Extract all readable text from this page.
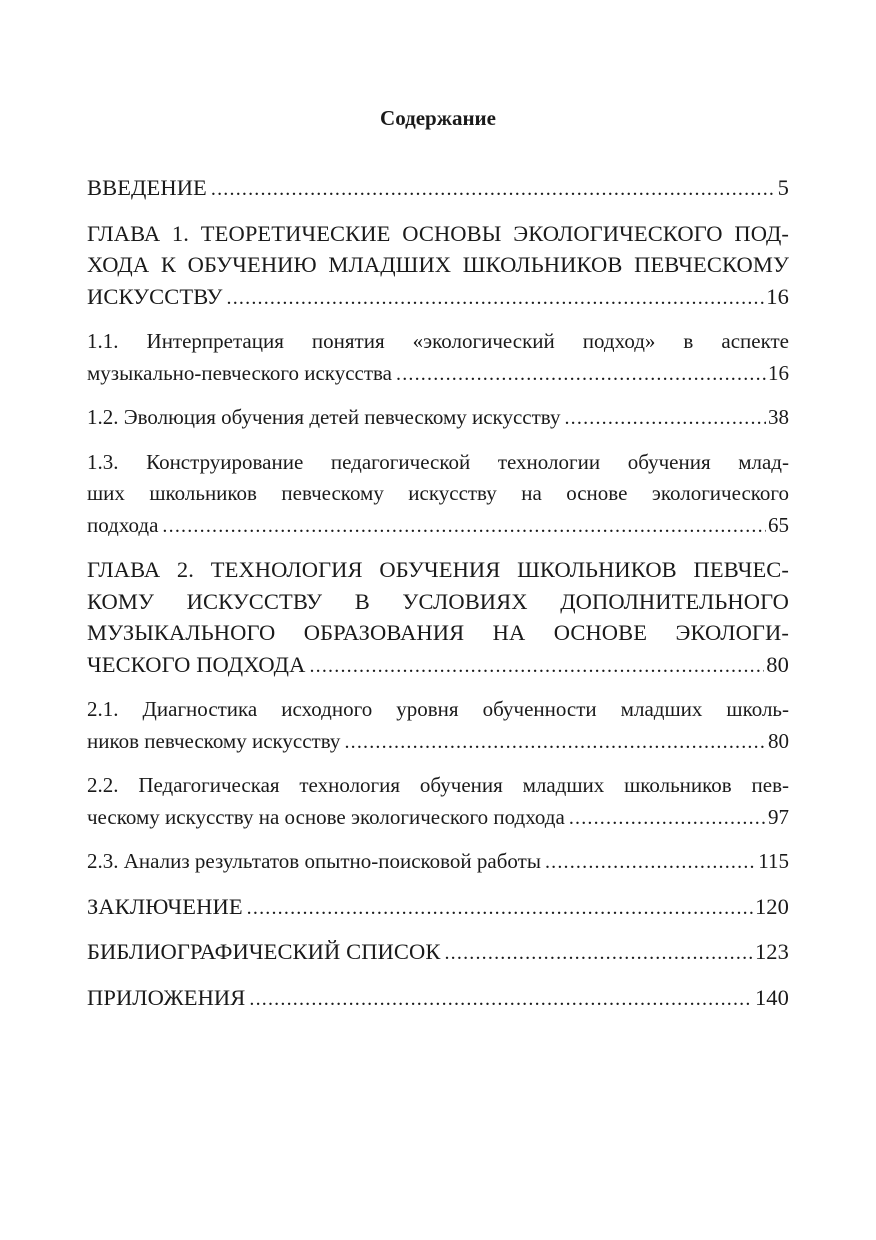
Содержание
ВВЕДЕНИЕ .....	5
ГЛАВА 1. ТЕОРЕТИЧЕСКИЕ ОСНОВЫ ЭКОЛОГИЧЕСКОГО ПОД-
ХОДА К ОБУЧЕНИЮ МЛАДШИХ ШКОЛЬНИКОВ ПЕВЧЕСКОМУ
ИСКУССТВУ .....	16
1.1. Интерпретация понятия «экологический подход» в аспекте
музыкально-певческого искусства .....	16
1.2. Эволюция обучения детей певческому искусству .....	38
1.3. Конструирование педагогической технологии обучения млад-
ших школьников певческому искусству на основе экологического
подхода .....	65
ГЛАВА 2. ТЕХНОЛОГИЯ ОБУЧЕНИЯ ШКОЛЬНИКОВ ПЕВЧЕС-
КОМУ ИСКУССТВУ В УСЛОВИЯХ ДОПОЛНИТЕЛЬНОГО
МУЗЫКАЛЬНОГО ОБРАЗОВАНИЯ НА ОСНОВЕ ЭКОЛОГИ-
ЧЕСКОГО ПОДХОДА .....	80
2.1. Диагностика исходного уровня обученности младших школь-
ников певческому искусству .....	80
2.2. Педагогическая технология обучения младших школьников пев-
ческому искусству на основе экологического подхода .....	97
2.3. Анализ результатов опытно-поисковой работы .....	115
ЗАКЛЮЧЕНИЕ .....	120
БИБЛИОГРАФИЧЕСКИЙ СПИСОК .....	123
ПРИЛОЖЕНИЯ .....	140
